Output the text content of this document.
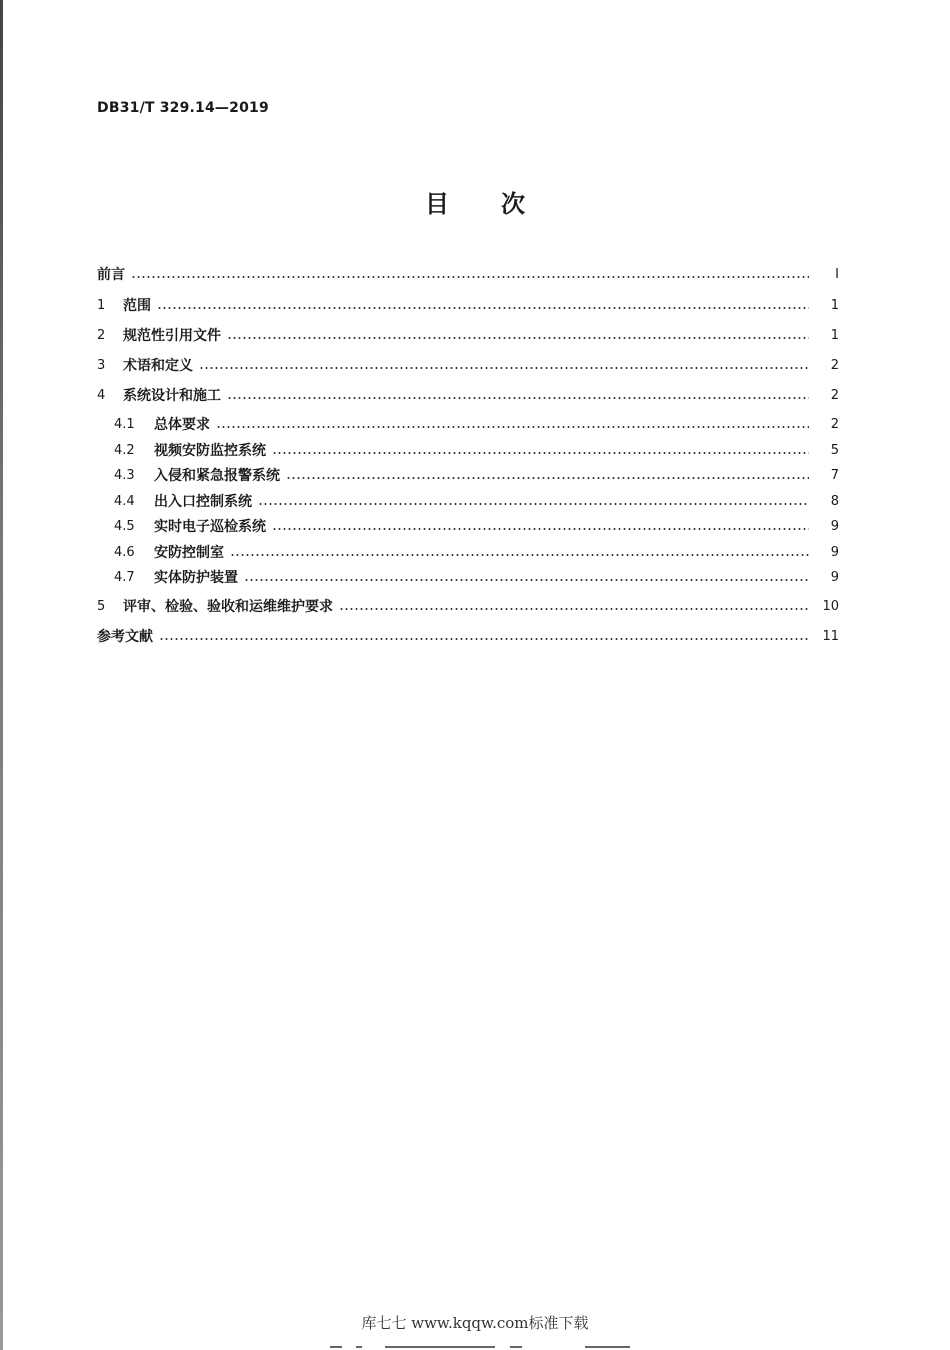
DB31/T 329.14—2019
目 次
前言	Ⅰ
1	范围	1
2	规范性引用文件	1
3	术语和定义	2
4	系统设计和施工	2
4.1	总体要求	2
4.2	视频安防监控系统	5
4.3	入侵和紧急报警系统	7
4.4	出入口控制系统	8
4.5	实时电子巡检系统	9
4.6	安防控制室	9
4.7	实体防护装置	9
5	评审、检验、验收和运维维护要求	10
参考文献	11
库七七 www.kqqw.com标准下载
